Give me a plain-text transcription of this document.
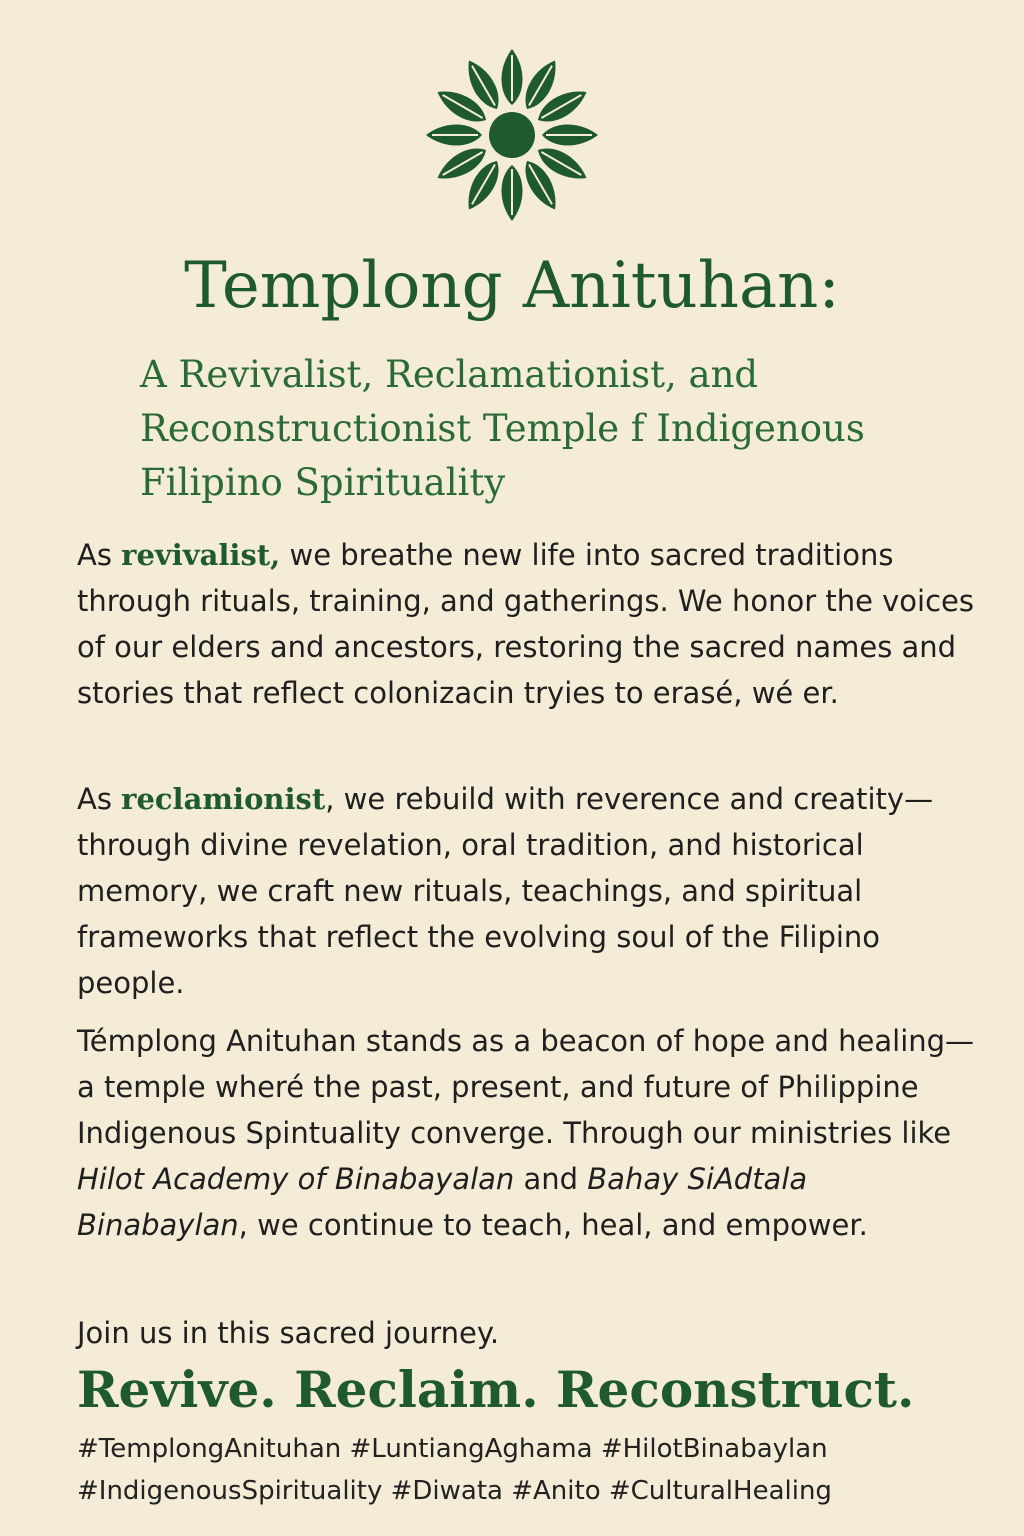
Templong Anituhan:
A Revivalist, Reclamationist, and
Reconstructionist Temple f Indigenous
Filipino Spirituality

As revivalist, we breathe new life into sacred traditions through rituals, training, and gatherings. We honor the voices of our elders and ancestors, restoring the sacred names and stories that reflect colonizacin tryies to erasé, wé er.

As reclamionist, we rebuild with reverence and creatity—through divine revelation, oral tradition, and historical memory, we craft new rituals, teachings, and spiritual frameworks that reflect the evolving soul of the Filipino people.

Témplong Anituhan stands as a beacon of hope and healing—a temple wheré the past, present, and future of Philippine Indigenous Spintuality converge. Through our ministries like Hilot Academy of Binabayalan and Bahay SiAdtala Binabaylan, we continue to teach, heal, and empower.

Join us in this sacred journey.

Revive. Reclaim. Reconstruct.

#TemplongAnituhan #LuntiangAghama #HilotBinabaylan
#IndigenousSpirituality #Diwata #Anito #CulturalHealing
